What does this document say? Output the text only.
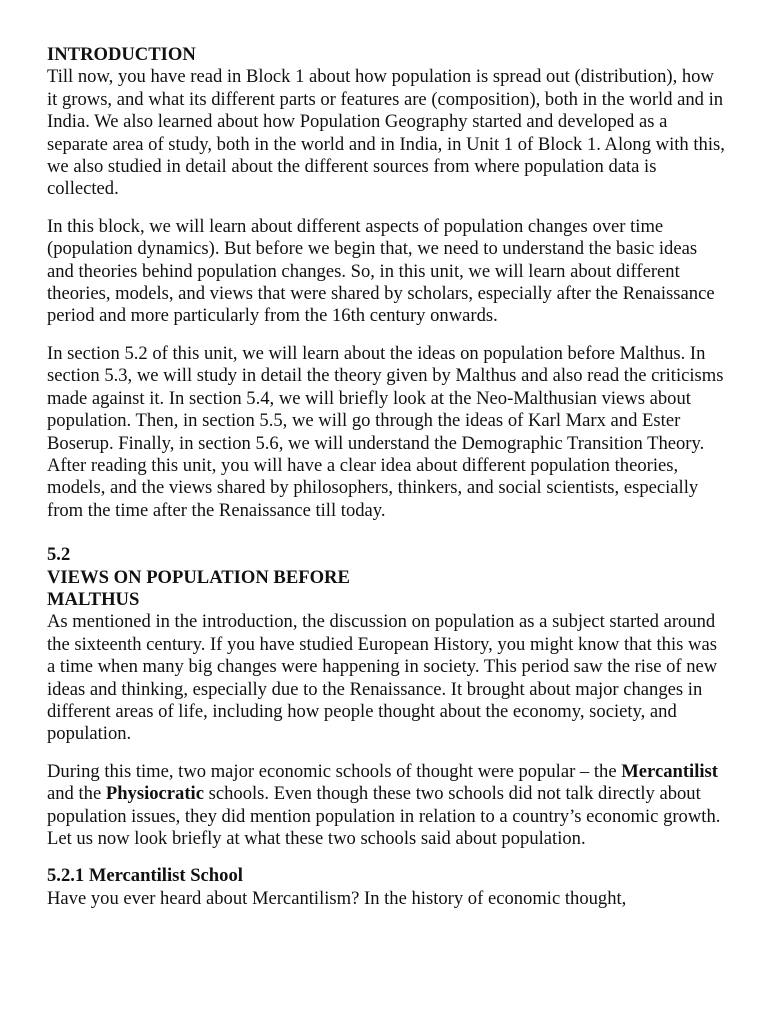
INTRODUCTION

Till now, you have read in Block 1 about how population is spread out (distribution), how it grows, and what its different parts or features are (composition), both in the world and in India. We also learned about how Population Geography started and developed as a separate area of study, both in the world and in India, in Unit 1 of Block 1. Along with this, we also studied in detail about the different sources from where population data is collected.

In this block, we will learn about different aspects of population changes over time (population dynamics). But before we begin that, we need to understand the basic ideas and theories behind population changes. So, in this unit, we will learn about different theories, models, and views that were shared by scholars, especially after the Renaissance period and more particularly from the 16th century onwards.

In section 5.2 of this unit, we will learn about the ideas on population before Malthus. In section 5.3, we will study in detail the theory given by Malthus and also read the criticisms made against it. In section 5.4, we will briefly look at the Neo-Malthusian views about population. Then, in section 5.5, we will go through the ideas of Karl Marx and Ester Boserup. Finally, in section 5.6, we will understand the Demographic Transition Theory. After reading this unit, you will have a clear idea about different population theories, models, and the views shared by philosophers, thinkers, and social scientists, especially from the time after the Renaissance till today.

5.2
VIEWS ON POPULATION BEFORE
MALTHUS

As mentioned in the introduction, the discussion on population as a subject started around the sixteenth century. If you have studied European History, you might know that this was a time when many big changes were happening in society. This period saw the rise of new ideas and thinking, especially due to the Renaissance. It brought about major changes in different areas of life, including how people thought about the economy, society, and population.

During this time, two major economic schools of thought were popular – the Mercantilist and the Physiocratic schools. Even though these two schools did not talk directly about population issues, they did mention population in relation to a country’s economic growth. Let us now look briefly at what these two schools said about population.

5.2.1 Mercantilist School

Have you ever heard about Mercantilism? In the history of economic thought,
